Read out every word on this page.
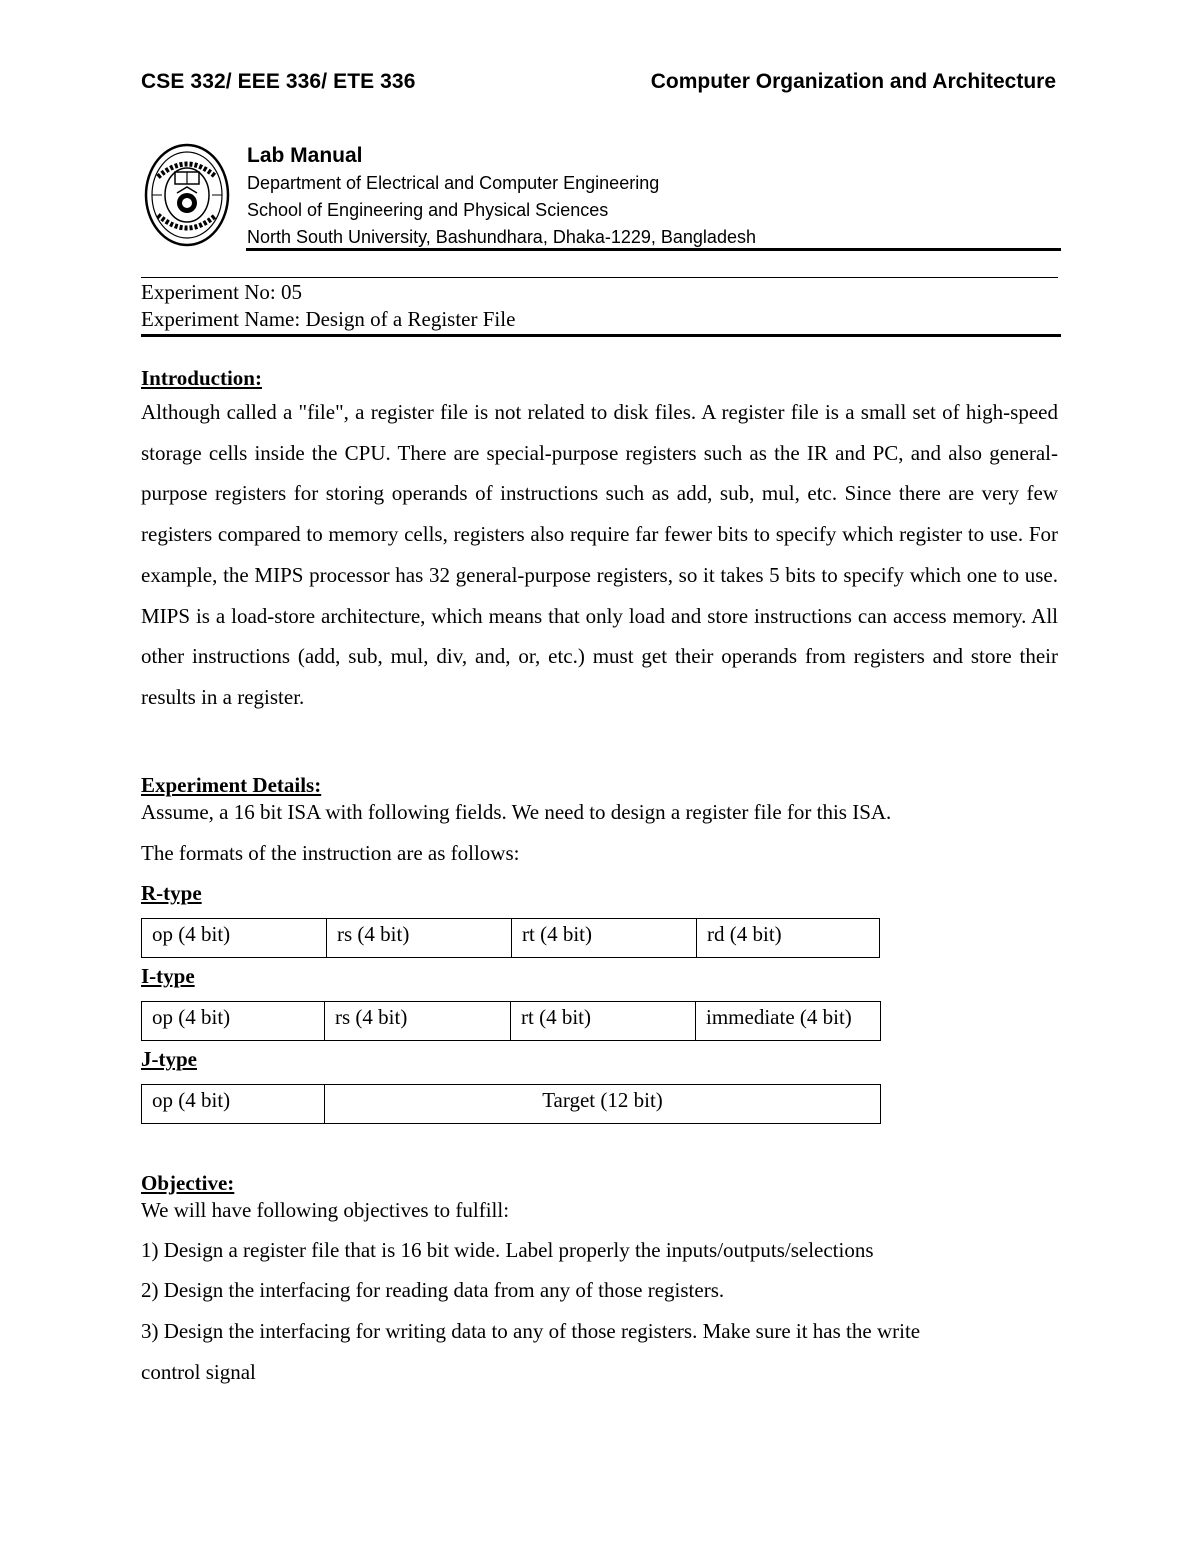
CSE 332/ EEE 336/ ETE 336	Computer Organization and Architecture
Lab Manual
Department of Electrical and Computer Engineering
School of Engineering and Physical Sciences
North South University, Bashundhara, Dhaka-1229, Bangladesh
Experiment No: 05
Experiment Name: Design of a Register File
Introduction:
Although called a "file", a register file is not related to disk files. A register file is a small set of high-speed storage cells inside the CPU. There are special-purpose registers such as the IR and PC, and also general-purpose registers for storing operands of instructions such as add, sub, mul, etc. Since there are very few registers compared to memory cells, registers also require far fewer bits to specify which register to use. For example, the MIPS processor has 32 general-purpose registers, so it takes 5 bits to specify which one to use. MIPS is a load-store architecture, which means that only load and store instructions can access memory. All other instructions (add, sub, mul, div, and, or, etc.) must get their operands from registers and store their results in a register.
Experiment Details:
Assume, a 16 bit ISA with following fields. We need to design a register file for this ISA.
The formats of the instruction are as follows:
R-type
op (4 bit)	rs (4 bit)	rt (4 bit)	rd (4 bit)
I-type
op (4 bit)	rs (4 bit)	rt (4 bit)	immediate (4 bit)
J-type
op (4 bit)	Target (12 bit)
Objective:
We will have following objectives to fulfill:
1) Design a register file that is 16 bit wide. Label properly the inputs/outputs/selections
2) Design the interfacing for reading data from any of those registers.
3) Design the interfacing for writing data to any of those registers. Make sure it has the write
control signal
